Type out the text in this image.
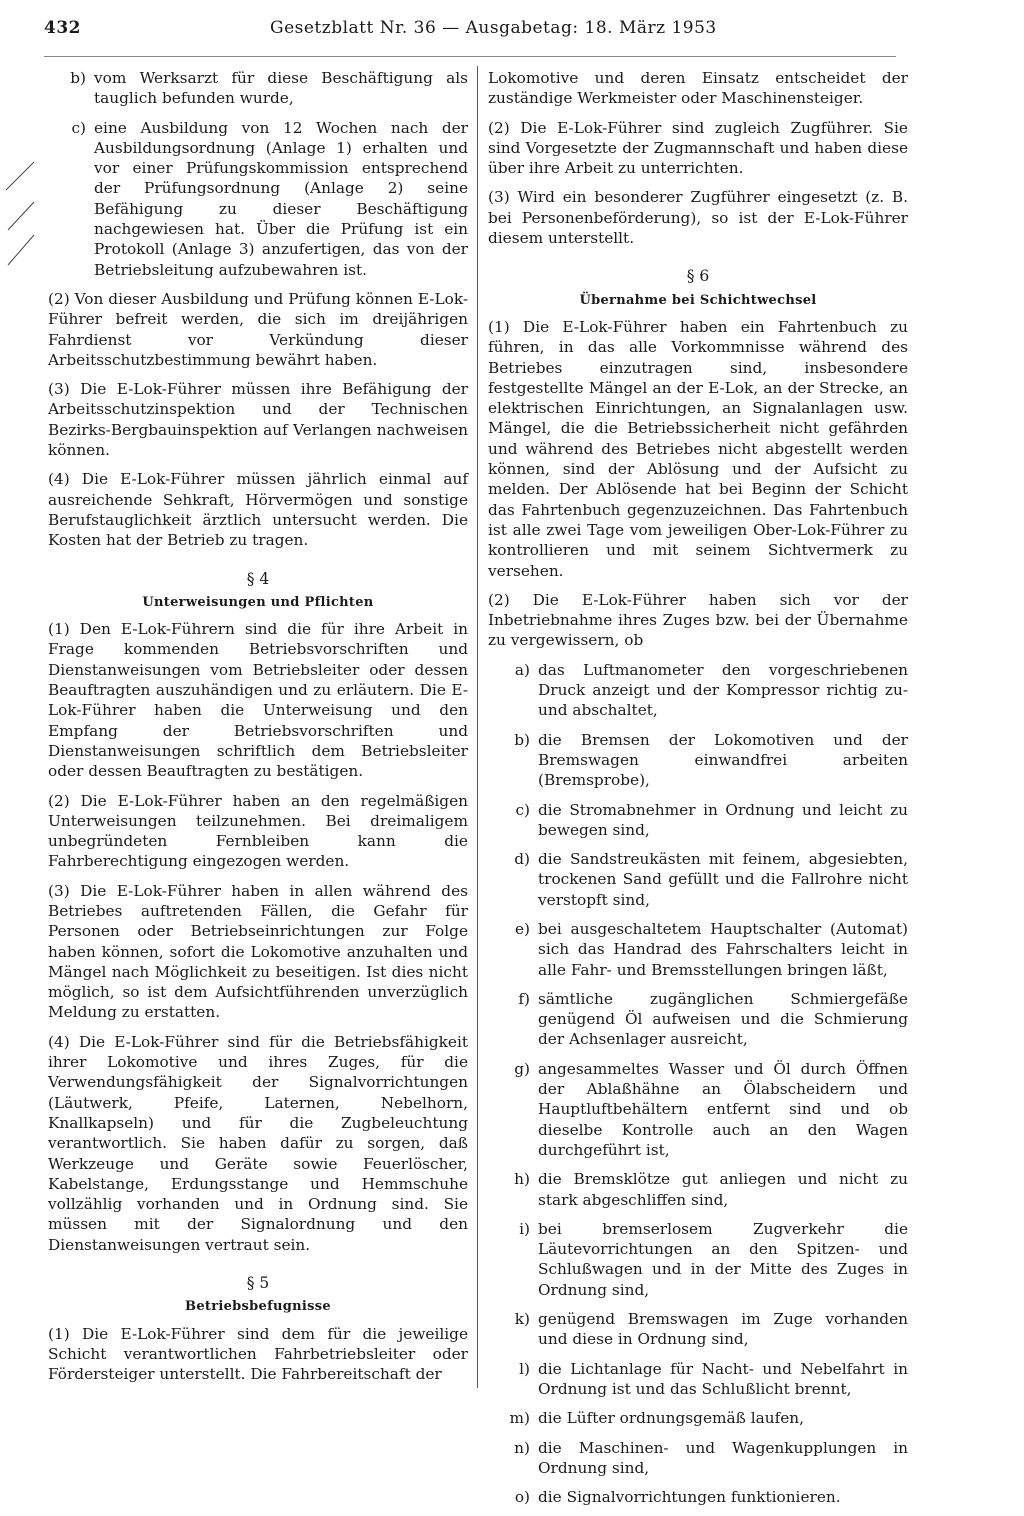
432	Gesetzblatt Nr. 36 — Ausgabetag: 18. März 1953
b) vom Werksarzt für diese Beschäftigung als tauglich befunden wurde,
c) eine Ausbildung von 12 Wochen nach der Ausbildungsordnung (Anlage 1) erhalten und vor einer Prüfungskommission entsprechend der Prüfungsordnung (Anlage 2) seine Befähigung zu dieser Beschäftigung nachgewiesen hat. Über die Prüfung ist ein Protokoll (Anlage 3) anzufertigen, das von der Betriebsleitung aufzubewahren ist.

(2) Von dieser Ausbildung und Prüfung können E-Lok-Führer befreit werden, die sich im dreijährigen Fahrdienst vor Verkündung dieser Arbeitsschutzbestimmung bewährt haben.

(3) Die E-Lok-Führer müssen ihre Befähigung der Arbeitsschutzinspektion und der Technischen Bezirks-Bergbauinspektion auf Verlangen nachweisen können.

(4) Die E-Lok-Führer müssen jährlich einmal auf ausreichende Sehkraft, Hörvermögen und sonstige Berufstauglichkeit ärztlich untersucht werden. Die Kosten hat der Betrieb zu tragen.

§ 4
Unterweisungen und Pflichten

(1) Den E-Lok-Führern sind die für ihre Arbeit in Frage kommenden Betriebsvorschriften und Dienstanweisungen vom Betriebsleiter oder dessen Beauftragten auszuhändigen und zu erläutern. Die E-Lok-Führer haben die Unterweisung und den Empfang der Betriebsvorschriften und Dienstanweisungen schriftlich dem Betriebsleiter oder dessen Beauftragten zu bestätigen.

(2) Die E-Lok-Führer haben an den regelmäßigen Unterweisungen teilzunehmen. Bei dreimaligem unbegründeten Fernbleiben kann die Fahrberechtigung eingezogen werden.

(3) Die E-Lok-Führer haben in allen während des Betriebes auftretenden Fällen, die Gefahr für Personen oder Betriebseinrichtungen zur Folge haben können, sofort die Lokomotive anzuhalten und Mängel nach Möglichkeit zu beseitigen. Ist dies nicht möglich, so ist dem Aufsichtführenden unverzüglich Meldung zu erstatten.

(4) Die E-Lok-Führer sind für die Betriebsfähigkeit ihrer Lokomotive und ihres Zuges, für die Verwendungsfähigkeit der Signalvorrichtungen (Läutwerk, Pfeife, Laternen, Nebelhorn, Knallkapseln) und für die Zugbeleuchtung verantwortlich. Sie haben dafür zu sorgen, daß Werkzeuge und Geräte sowie Feuerlöscher, Kabelstange, Erdungsstange und Hemmschuhe vollzählig vorhanden und in Ordnung sind. Sie müssen mit der Signalordnung und den Dienstanweisungen vertraut sein.

§ 5
Betriebsbefugnisse

(1) Die E-Lok-Führer sind dem für die jeweilige Schicht verantwortlichen Fahrbetriebsleiter oder Fördersteiger unterstellt. Die Fahrbereitschaft der

Lokomotive und deren Einsatz entscheidet der zuständige Werkmeister oder Maschinensteiger.

(2) Die E-Lok-Führer sind zugleich Zugführer. Sie sind Vorgesetzte der Zugmannschaft und haben diese über ihre Arbeit zu unterrichten.

(3) Wird ein besonderer Zugführer eingesetzt (z. B. bei Personenbeförderung), so ist der E-Lok-Führer diesem unterstellt.

§ 6
Übernahme bei Schichtwechsel

(1) Die E-Lok-Führer haben ein Fahrtenbuch zu führen, in das alle Vorkommnisse während des Betriebes einzutragen sind, insbesondere festgestellte Mängel an der E-Lok, an der Strecke, an elektrischen Einrichtungen, an Signalanlagen usw. Mängel, die die Betriebssicherheit nicht gefährden und während des Betriebes nicht abgestellt werden können, sind der Ablösung und der Aufsicht zu melden. Der Ablösende hat bei Beginn der Schicht das Fahrtenbuch gegenzuzeichnen. Das Fahrtenbuch ist alle zwei Tage vom jeweiligen Ober-Lok-Führer zu kontrollieren und mit seinem Sichtvermerk zu versehen.

(2) Die E-Lok-Führer haben sich vor der Inbetriebnahme ihres Zuges bzw. bei der Übernahme zu vergewissern, ob

a) das Luftmanometer den vorgeschriebenen Druck anzeigt und der Kompressor richtig zu- und abschaltet,
b) die Bremsen der Lokomotiven und der Bremswagen einwandfrei arbeiten (Bremsprobe),
c) die Stromabnehmer in Ordnung und leicht zu bewegen sind,
d) die Sandstreukästen mit feinem, abgesiebten, trockenen Sand gefüllt und die Fallrohre nicht verstopft sind,
e) bei ausgeschaltetem Hauptschalter (Automat) sich das Handrad des Fahrschalters leicht in alle Fahr- und Bremsstellungen bringen läßt,
f) sämtliche zugänglichen Schmiergefäße genügend Öl aufweisen und die Schmierung der Achsenlager ausreicht,
g) angesammeltes Wasser und Öl durch Öffnen der Ablaßhähne an Ölabscheidern und Hauptluftbehältern entfernt sind und ob dieselbe Kontrolle auch an den Wagen durchgeführt ist,
h) die Bremsklötze gut anliegen und nicht zu stark abgeschliffen sind,
i) bei bremserlosem Zugverkehr die Läutevorrichtungen an den Spitzen- und Schlußwagen und in der Mitte des Zuges in Ordnung sind,
k) genügend Bremswagen im Zuge vorhanden und diese in Ordnung sind,
l) die Lichtanlage für Nacht- und Nebelfahrt in Ordnung ist und das Schlußlicht brennt,
m) die Lüfter ordnungsgemäß laufen,
n) die Maschinen- und Wagenkupplungen in Ordnung sind,
o) die Signalvorrichtungen funktionieren.
